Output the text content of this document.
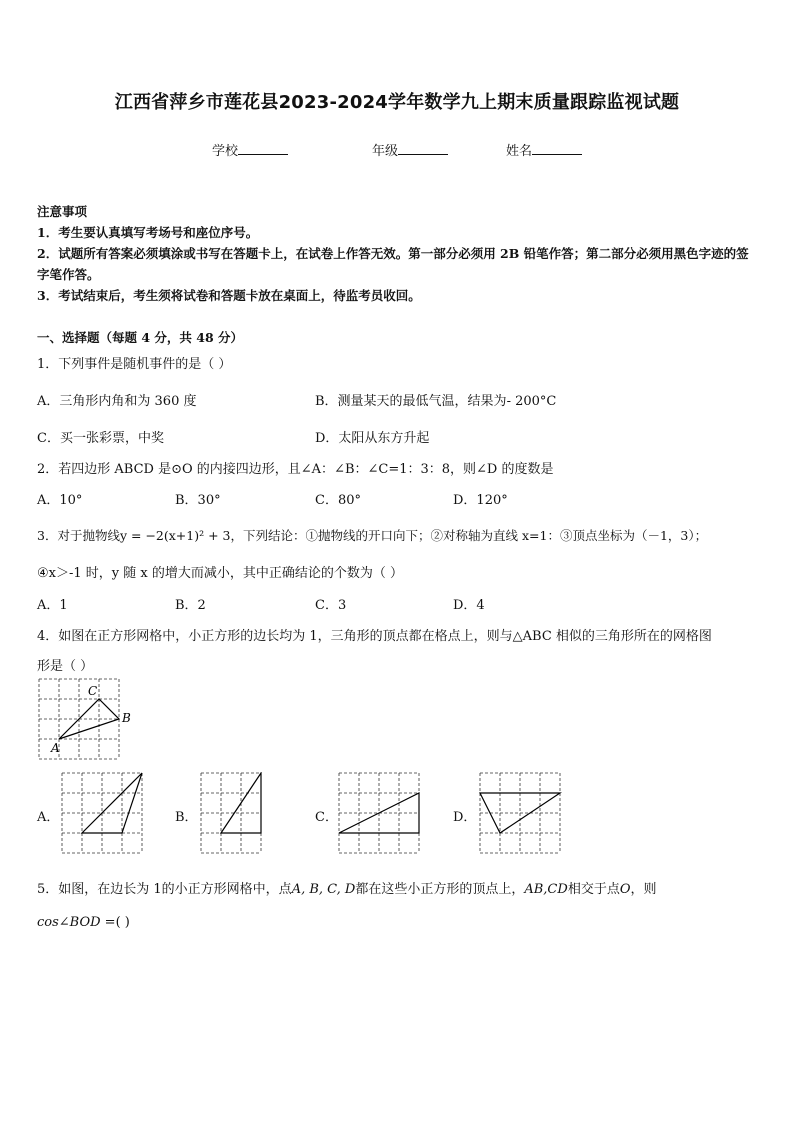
江西省萍乡市莲花县2023-2024学年数学九上期末质量跟踪监视试题
学校	年级	姓名
注意事项
1．考生要认真填写考场号和座位序号。
2．试题所有答案必须填涂或书写在答题卡上，在试卷上作答无效。第一部分必须用 2B 铅笔作答；第二部分必须用黑色字迹的签字笔作答。
3．考试结束后，考生须将试卷和答题卡放在桌面上，待监考员收回。
一、选择题（每题 4 分，共 48 分）
1．下列事件是随机事件的是（ ）
A．三角形内角和为 360 度	B．测量某天的最低气温，结果为- 200°C
C．买一张彩票，中奖	D．太阳从东方升起
2．若四边形 ABCD 是⊙O 的内接四边形，且∠A：∠B：∠C=1：3：8，则∠D 的度数是
A．10°	B．30°	C．80°	D．120°
3．对于抛物线y = −2(x+1)² + 3，下列结论：①抛物线的开口向下；②对称轴为直线 x=1：③顶点坐标为（－1，3）；
④x＞-1 时，y 随 x 的增大而减小，其中正确结论的个数为（ ）
A．1	B．2	C．3	D．4
4．如图在正方形网格中，小正方形的边长均为 1，三角形的顶点都在格点上，则与△ABC 相似的三角形所在的网格图
形是（ ）
A
B
C
A．	B．	C．	D．
5．如图，在边长为 1的小正方形网格中，点A, B, C, D都在这些小正方形的顶点上，AB,CD相交于点O，则
cos∠BOD =( )
